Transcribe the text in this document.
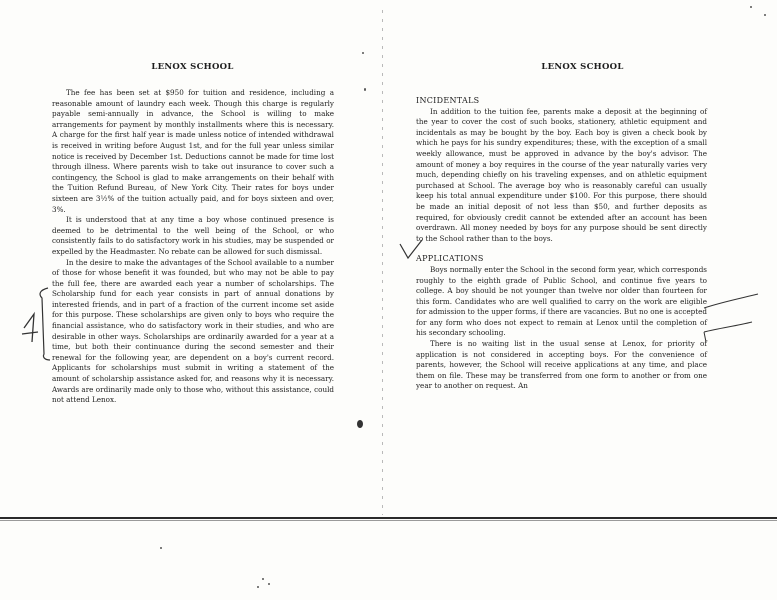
LENOX SCHOOL

The fee has been set at $950 for tuition and residence, including a reasonable amount of laundry each week. Though this charge is regularly payable semi-annually in advance, the School is willing to make arrangements for payment by monthly installments where this is necessary. A charge for the first half year is made unless notice of intended withdrawal is received in writing before August 1st, and for the full year unless similar notice is received by December 1st. Deductions cannot be made for time lost through illness. Where parents wish to take out insurance to cover such a contingency, the School is glad to make arrangements on their behalf with the Tuition Refund Bureau, of New York City. Their rates for boys under sixteen are 3½% of the tuition actually paid, and for boys sixteen and over, 3%.

It is understood that at any time a boy whose continued presence is deemed to be detrimental to the well being of the School, or who consistently fails to do satisfactory work in his studies, may be suspended or expelled by the Headmaster. No rebate can be allowed for such dismissal.

In the desire to make the advantages of the School available to a number of those for whose benefit it was founded, but who may not be able to pay the full fee, there are awarded each year a number of scholarships. The Scholarship fund for each year consists in part of annual donations by interested friends, and in part of a fraction of the current income set aside for this purpose. These scholarships are given only to boys who require the financial assistance, who do satisfactory work in their studies, and who are desirable in other ways. Scholarships are ordinarily awarded for a year at a time, but both their continuance during the second semester and their renewal for the following year, are dependent on a boy's current record. Applicants for scholarships must submit in writing a statement of the amount of scholarship assistance asked for, and reasons why it is necessary. Awards are ordinarily made only to those who, without this assistance, could not attend Lenox.

LENOX SCHOOL

INCIDENTALS

In addition to the tuition fee, parents make a deposit at the beginning of the year to cover the cost of such books, stationery, athletic equipment and incidentals as may be bought by the boy. Each boy is given a check book by which he pays for his sundry expenditures; these, with the exception of a small weekly allowance, must be approved in advance by the boy's advisor. The amount of money a boy requires in the course of the year naturally varies very much, depending chiefly on his traveling expenses, and on athletic equipment purchased at School. The average boy who is reasonably careful can usually keep his total annual expenditure under $100. For this purpose, there should be made an initial deposit of not less than $50, and further deposits as required, for obviously credit cannot be extended after an account has been overdrawn. All money needed by boys for any purpose should be sent directly to the School rather than to the boys.

APPLICATIONS

Boys normally enter the School in the second form year, which corresponds roughly to the eighth grade of Public School, and continue five years to college. A boy should be not younger than twelve nor older than fourteen for this form. Candidates who are well qualified to carry on the work are eligible for admission to the upper forms, if there are vacancies. But no one is accepted for any form who does not expect to remain at Lenox until the completion of his secondary schooling.

There is no waiting list in the usual sense at Lenox, for priority of application is not considered in accepting boys. For the convenience of parents, however, the School will receive applications at any time, and place them on file. These may be transferred from one form to another or from one year to another on request. An
